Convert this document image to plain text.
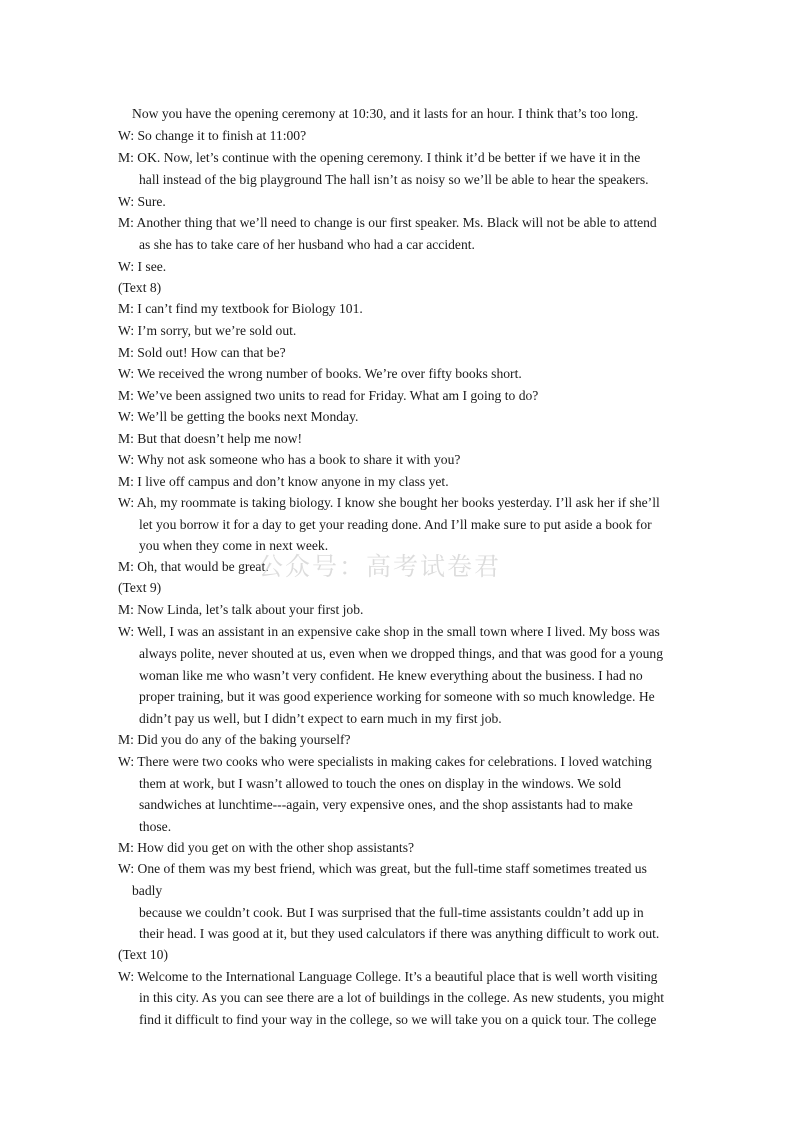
Now you have the opening ceremony at 10:30, and it lasts for an hour. I think that’s too long.
W: So change it to finish at 11:00?
M: OK. Now, let’s continue with the opening ceremony. I think it’d be better if we have it in the
hall instead of the big playground The hall isn’t as noisy so we’ll be able to hear the speakers.
W: Sure.
M: Another thing that we’ll need to change is our first speaker. Ms. Black will not be able to attend
as she has to take care of her husband who had a car accident.
W: I see.
(Text 8)
M: I can’t find my textbook for Biology 101.
W: I’m sorry, but we’re sold out.
M: Sold out! How can that be?
W: We received the wrong number of books. We’re over fifty books short.
M: We’ve been assigned two units to read for Friday. What am I going to do?
W: We’ll be getting the books next Monday.
M: But that doesn’t help me now!
W: Why not ask someone who has a book to share it with you?
M: I live off campus and don’t know anyone in my class yet.
W: Ah, my roommate is taking biology. I know she bought her books yesterday. I’ll ask her if she’ll
let you borrow it for a day to get your reading done. And I’ll make sure to put aside a book for
you when they come in next week.
M: Oh, that would be great.
(Text 9)
M: Now Linda, let’s talk about your first job.
W: Well, I was an assistant in an expensive cake shop in the small town where I lived. My boss was
always polite, never shouted at us, even when we dropped things, and that was good for a young
woman like me who wasn’t very confident. He knew everything about the business. I had no
proper training, but it was good experience working for someone with so much knowledge. He
didn’t pay us well, but I didn’t expect to earn much in my first job.
M: Did you do any of the baking yourself?
W: There were two cooks who were specialists in making cakes for celebrations. I loved watching
them at work, but I wasn’t allowed to touch the ones on display in the windows. We sold
sandwiches at lunchtime---again, very expensive ones, and the shop assistants had to make
those.
M: How did you get on with the other shop assistants?
W: One of them was my best friend, which was great, but the full-time staff sometimes treated us
badly
because we couldn’t cook. But I was surprised that the full-time assistants couldn’t add up in
their head. I was good at it, but they used calculators if there was anything difficult to work out.
(Text 10)
W: Welcome to the International Language College. It’s a beautiful place that is well worth visiting
in this city. As you can see there are a lot of buildings in the college. As new students, you might
find it difficult to find your way in the college, so we will take you on a quick tour. The college
公众号：高考试卷君
